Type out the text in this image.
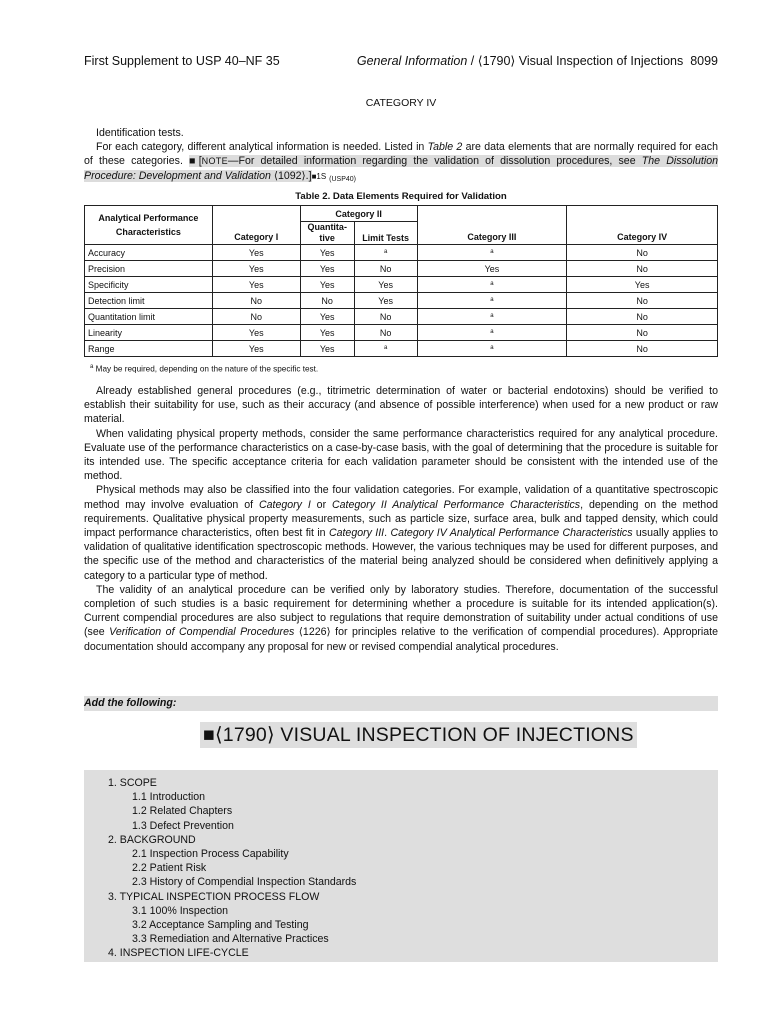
First Supplement to USP 40–NF 35	General Information / ⟨1790⟩ Visual Inspection of Injections 8099
CATEGORY IV
Identification tests.
For each category, different analytical information is needed. Listed in Table 2 are data elements that are normally required for each of these categories. ■[NOTE—For detailed information regarding the validation of dissolution procedures, see The Dissolution Procedure: Development and Validation ⟨1092⟩.]■1S $_{(USP40)}$
Table 2. Data Elements Required for Validation
Analytical Performance Characteristics	Category I	Category II		Category III	Category IV
		Quantita-tive	Limit Tests		
Accuracy	Yes	Yes	a	a	No
Precision	Yes	Yes	No	Yes	No
Specificity	Yes	Yes	Yes	a	Yes
Detection limit	No	No	Yes	a	No
Quantitation limit	No	Yes	No	a	No
Linearity	Yes	Yes	No	a	No
Range	Yes	Yes	a	a	No
$^a$ May be required, depending on the nature of the specific test.
Already established general procedures (e.g., titrimetric determination of water or bacterial endotoxins) should be verified to establish their suitability for use, such as their accuracy (and absence of possible interference) when used for a new product or raw material.
When validating physical property methods, consider the same performance characteristics required for any analytical procedure. Evaluate use of the performance characteristics on a case-by-case basis, with the goal of determining that the procedure is suitable for its intended use. The specific acceptance criteria for each validation parameter should be consistent with the intended use of the method.
Physical methods may also be classified into the four validation categories. For example, validation of a quantitative spectroscopic method may involve evaluation of Category I or Category II Analytical Performance Characteristics, depending on the method requirements. Qualitative physical property measurements, such as particle size, surface area, bulk and tapped density, which could impact performance characteristics, often best fit in Category III. Category IV Analytical Performance Characteristics usually applies to validation of qualitative identification spectroscopic methods. However, the various techniques may be used for different purposes, and the specific use of the method and characteristics of the material being analyzed should be considered when definitively applying a category to a particular type of method.
The validity of an analytical procedure can be verified only by laboratory studies. Therefore, documentation of the successful completion of such studies is a basic requirement for determining whether a procedure is suitable for its intended application(s). Current compendial procedures are also subject to regulations that require demonstration of suitability under actual conditions of use (see Verification of Compendial Procedures ⟨1226⟩ for principles relative to the verification of compendial procedures). Appropriate documentation should accompany any proposal for new or revised compendial analytical procedures.
Add the following:
■⟨1790⟩ VISUAL INSPECTION OF INJECTIONS
1. SCOPE
1.1 Introduction
1.2 Related Chapters
1.3 Defect Prevention
2. BACKGROUND
2.1 Inspection Process Capability
2.2 Patient Risk
2.3 History of Compendial Inspection Standards
3. TYPICAL INSPECTION PROCESS FLOW
3.1 100% Inspection
3.2 Acceptance Sampling and Testing
3.3 Remediation and Alternative Practices
4. INSPECTION LIFE-CYCLE
